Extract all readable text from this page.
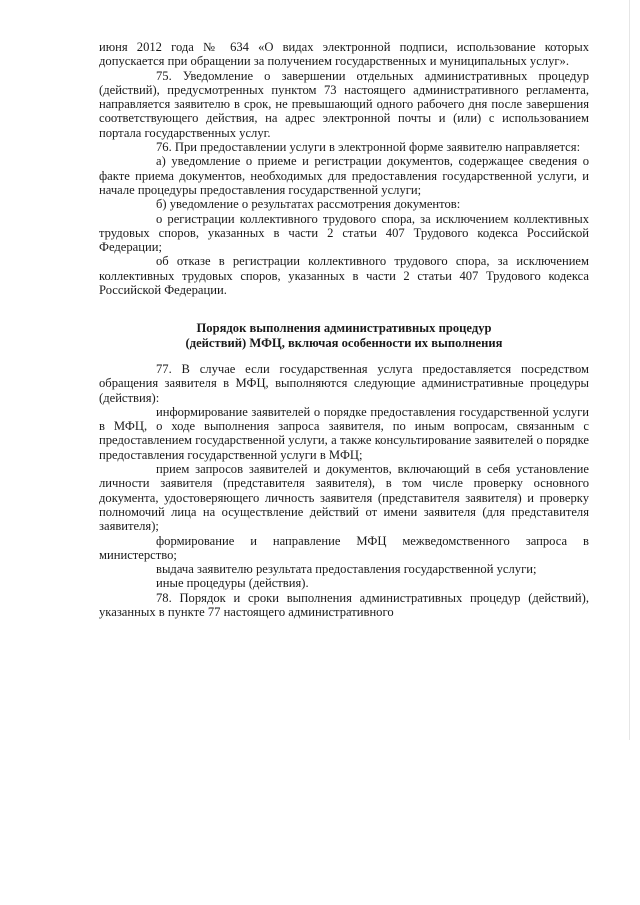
июня 2012 года № 634 «О видах электронной подписи, использование которых допускается при обращении за получением государственных и муниципальных услуг».

75. Уведомление о завершении отдельных административных процедур (действий), предусмотренных пунктом 73 настоящего административного регламента, направляется заявителю в срок, не превышающий одного рабочего дня после завершения соответствующего действия, на адрес электронной почты и (или) с использованием портала государственных услуг.

76. При предоставлении услуги в электронной форме заявителю направляется:

а) уведомление о приеме и регистрации документов, содержащее сведения о факте приема документов, необходимых для предоставления государственной услуги, и начале процедуры предоставления государственной услуги;

б) уведомление о результатах рассмотрения документов:

о регистрации коллективного трудового спора, за исключением коллективных трудовых споров, указанных в части 2 статьи 407 Трудового кодекса Российской Федерации;

об отказе в регистрации коллективного трудового спора, за исключением коллективных трудовых споров, указанных в части 2 статьи 407 Трудового кодекса Российской Федерации.

Порядок выполнения административных процедур

(действий) МФЦ, включая особенности их выполнения

77. В случае если государственная услуга предоставляется посредством обращения заявителя в МФЦ, выполняются следующие административные процедуры (действия):

информирование заявителей о порядке предоставления государственной услуги в МФЦ, о ходе выполнения запроса заявителя, по иным вопросам, связанным с предоставлением государственной услуги, а также консультирование заявителей о порядке предоставления государственной услуги в МФЦ;

прием запросов заявителей и документов, включающий в себя установление личности заявителя (представителя заявителя), в том числе проверку основного документа, удостоверяющего личность заявителя (представителя заявителя) и проверку полномочий лица на осуществление действий от имени заявителя (для представителя заявителя);

формирование и направление МФЦ межведомственного запроса в министерство;

выдача заявителю результата предоставления государственной услуги;

иные процедуры (действия).

78. Порядок и сроки выполнения административных процедур (действий), указанных в пункте 77 настоящего административного
